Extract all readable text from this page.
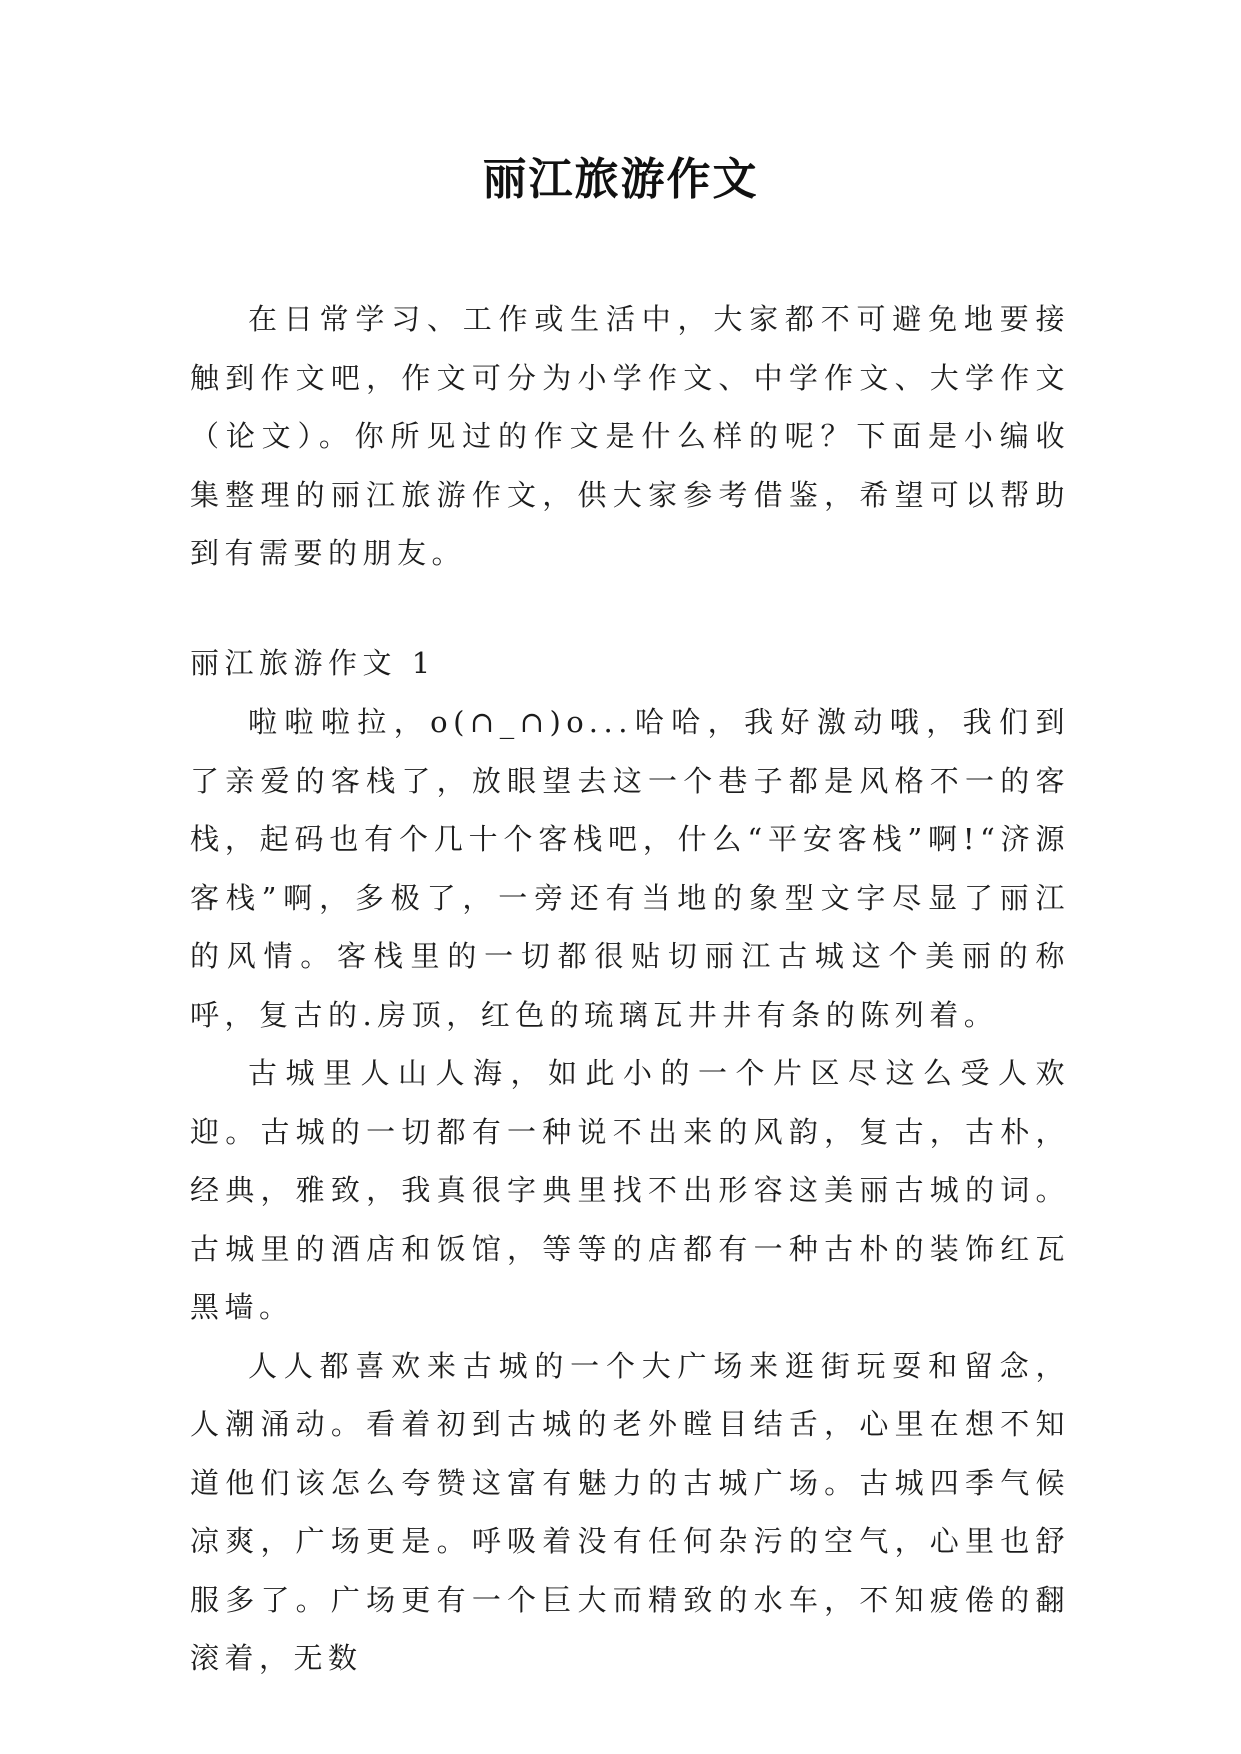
丽江旅游作文

在日常学习、工作或生活中，大家都不可避免地要接触到作文吧，作文可分为小学作文、中学作文、大学作文（论文）。你所见过的作文是什么样的呢？下面是小编收集整理的丽江旅游作文，供大家参考借鉴，希望可以帮助到有需要的朋友。

丽江旅游作文 1

啦啦啦拉，o(∩_∩)o...哈哈，我好激动哦，我们到了亲爱的客栈了，放眼望去这一个巷子都是风格不一的客栈，起码也有个几十个客栈吧，什么“平安客栈”啊!“济源客栈”啊，多极了，一旁还有当地的象型文字尽显了丽江的风情。客栈里的一切都很贴切丽江古城这个美丽的称呼，复古的.房顶，红色的琉璃瓦井井有条的陈列着。

古城里人山人海，如此小的一个片区尽这么受人欢迎。古城的一切都有一种说不出来的风韵，复古，古朴，经典，雅致，我真很字典里找不出形容这美丽古城的词。古城里的酒店和饭馆，等等的店都有一种古朴的装饰红瓦黑墙。

人人都喜欢来古城的一个大广场来逛街玩耍和留念，人潮涌动。看着初到古城的老外瞠目结舌，心里在想不知道他们该怎么夸赞这富有魅力的古城广场。古城四季气候凉爽，广场更是。呼吸着没有任何杂污的空气，心里也舒服多了。广场更有一个巨大而精致的水车，不知疲倦的翻滚着，无数
